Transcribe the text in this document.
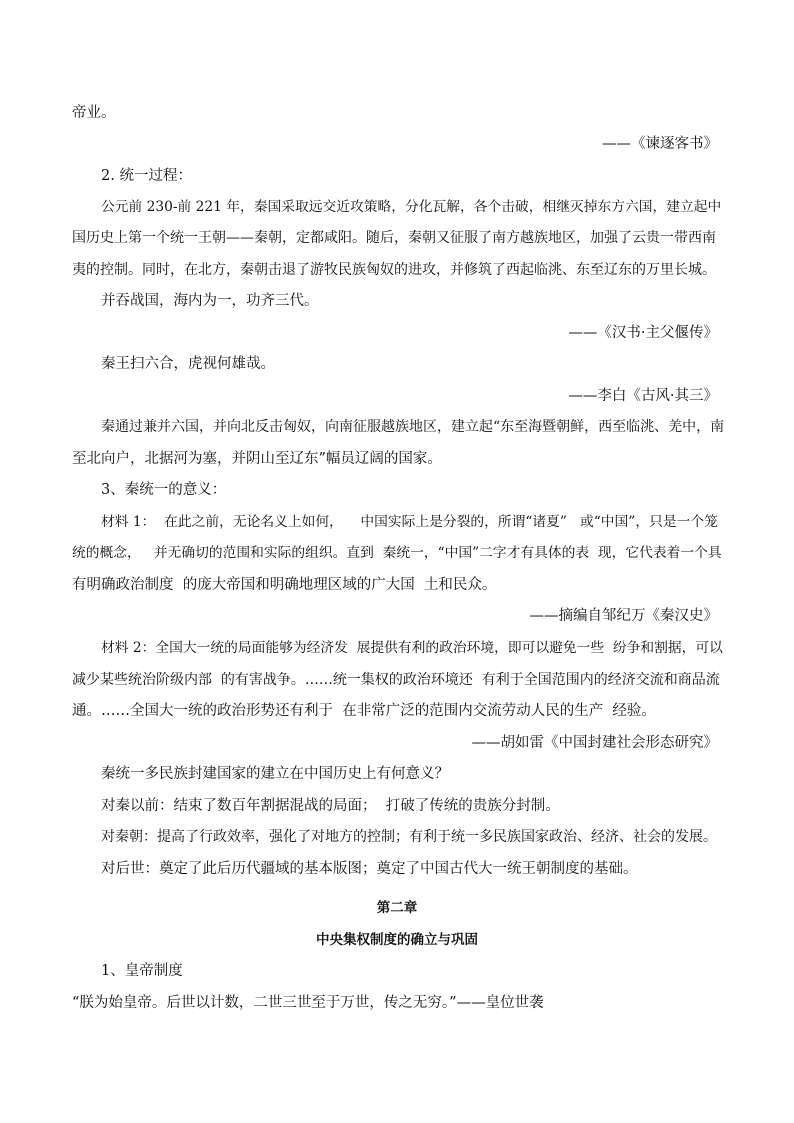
帝业。
——《谏逐客书》
2. 统一过程：
公元前 230-前 221 年，秦国采取远交近攻策略，分化瓦解，各个击破，相继灭掉东方六国，建立起中
国历史上第一个统一王朝——秦朝，定都咸阳。随后，秦朝又征服了南方越族地区，加强了云贵一带西南
夷的控制。同时，在北方，秦朝击退了游牧民族匈奴的进攻，并修筑了西起临洮、东至辽东的万里长城。
并吞战国，海内为一，功齐三代。
——《汉书·主父偃传》
秦王扫六合，虎视何雄哉。
——李白《古风·其三》
秦通过兼并六国，并向北反击匈奴，向南征服越族地区，建立起“东至海暨朝鲜，西至临洮、羌中，南
至北向户，北据河为塞，并阴山至辽东”幅员辽阔的国家。
3、秦统一的意义：
材料 1：  在此之前，无论名义上如何，    中国实际上是分裂的，所谓“诸夏”   或“中国”，只是一个笼
统的概念，   并无确切的范围和实际的组织。直到  秦统一，“中国”二字才有具体的表  现，它代表着一个具
有明确政治制度  的庞大帝国和明确地理区域的广大国  土和民众。
——摘编自邹纪万《秦汉史》
材料 2：全国大一统的局面能够为经济发  展提供有利的政治环境，即可以避免一些  纷争和割据，可以
减少某些统治阶级内部  的有害战争。……统一集权的政治环境还  有利于全国范围内的经济交流和商品流
通。……全国大一统的政治形势还有利于  在非常广泛的范围内交流劳动人民的生产  经验。
——胡如雷《中国封建社会形态研究》
秦统一多民族封建国家的建立在中国历史上有何意义？
对秦以前：结束了数百年割据混战的局面；  打破了传统的贵族分封制。
对秦朝：提高了行政效率，强化了对地方的控制；有利于统一多民族国家政治、经济、社会的发展。
对后世：奠定了此后历代疆域的基本版图；奠定了中国古代大一统王朝制度的基础。
第二章
中央集权制度的确立与巩固
1、皇帝制度
“朕为始皇帝。后世以计数，二世三世至于万世，传之无穷。”——皇位世袭
